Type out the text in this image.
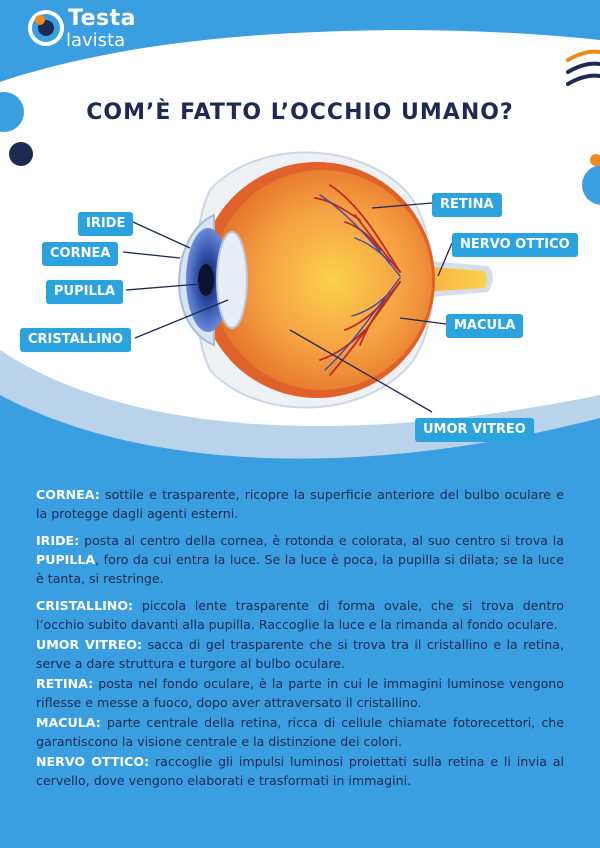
Testa
lavista
COM’È FATTO L’OCCHIO UMANO?
IRIDE
CORNEA
PUPILLA
CRISTALLINO
RETINA
NERVO OTTICO
MACULA
UMOR VITREO

CORNEA: sottile e trasparente, ricopre la superficie anteriore del bulbo oculare e la protegge dagli agenti esterni.

IRIDE: posta al centro della cornea, è rotonda e colorata, al suo centro si trova la PUPILLA, foro da cui entra la luce. Se la luce è poca, la pupilla si dilata; se la luce è tanta, si restringe.

CRISTALLINO: piccola lente trasparente di forma ovale, che si trova dentro l’occhio subito davanti alla pupilla. Raccoglie la luce e la rimanda al fondo oculare.

UMOR VITREO: sacca di gel trasparente che si trova tra il cristallino e la retina, serve a dare struttura e turgore al bulbo oculare.

RETINA: posta nel fondo oculare, è la parte in cui le immagini luminose vengono riflesse e messe a fuoco, dopo aver attraversato il cristallino.

MACULA: parte centrale della retina, ricca di cellule chiamate fotorecettori, che garantiscono la visione centrale e la distinzione dei colori.

NERVO OTTICO: raccoglie gli impulsi luminosi proiettati sulla retina e li invia al cervello, dove vengono elaborati e trasformati in immagini.
